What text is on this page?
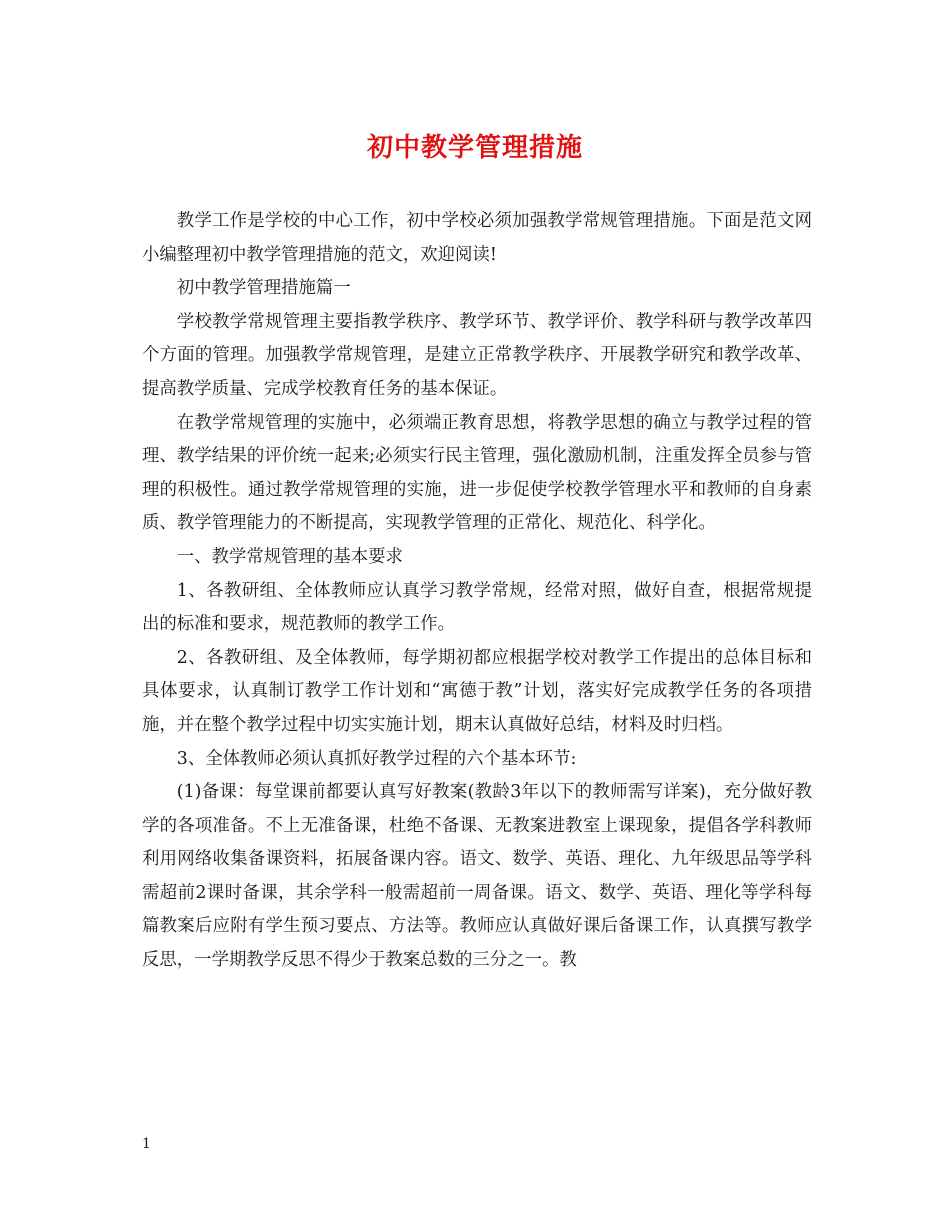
初中教学管理措施

教学工作是学校的中心工作，初中学校必须加强教学常规管理措施。下面是范文网小编整理初中教学管理措施的范文，欢迎阅读!

初中教学管理措施篇一

学校教学常规管理主要指教学秩序、教学环节、教学评价、教学科研与教学改革四个方面的管理。加强教学常规管理，是建立正常教学秩序、开展教学研究和教学改革、提高教学质量、完成学校教育任务的基本保证。

在教学常规管理的实施中，必须端正教育思想，将教学思想的确立与教学过程的管理、教学结果的评价统一起来;必须实行民主管理，强化激励机制，注重发挥全员参与管理的积极性。通过教学常规管理的实施，进一步促使学校教学管理水平和教师的自身素质、教学管理能力的不断提高，实现教学管理的正常化、规范化、科学化。

一、教学常规管理的基本要求

1、各教研组、全体教师应认真学习教学常规，经常对照，做好自查，根据常规提出的标准和要求，规范教师的教学工作。

2、各教研组、及全体教师，每学期初都应根据学校对教学工作提出的总体目标和具体要求，认真制订教学工作计划和“寓德于教”计划，落实好完成教学任务的各项措施，并在整个教学过程中切实实施计划，期末认真做好总结，材料及时归档。

3、全体教师必须认真抓好教学过程的六个基本环节:

(1)备课：每堂课前都要认真写好教案(教龄3年以下的教师需写详案)，充分做好教学的各项准备。不上无准备课，杜绝不备课、无教案进教室上课现象，提倡各学科教师利用网络收集备课资料，拓展备课内容。语文、数学、英语、理化、九年级思品等学科需超前2课时备课，其余学科一般需超前一周备课。语文、数学、英语、理化等学科每篇教案后应附有学生预习要点、方法等。教师应认真做好课后备课工作，认真撰写教学反思，一学期教学反思不得少于教案总数的三分之一。教

1
